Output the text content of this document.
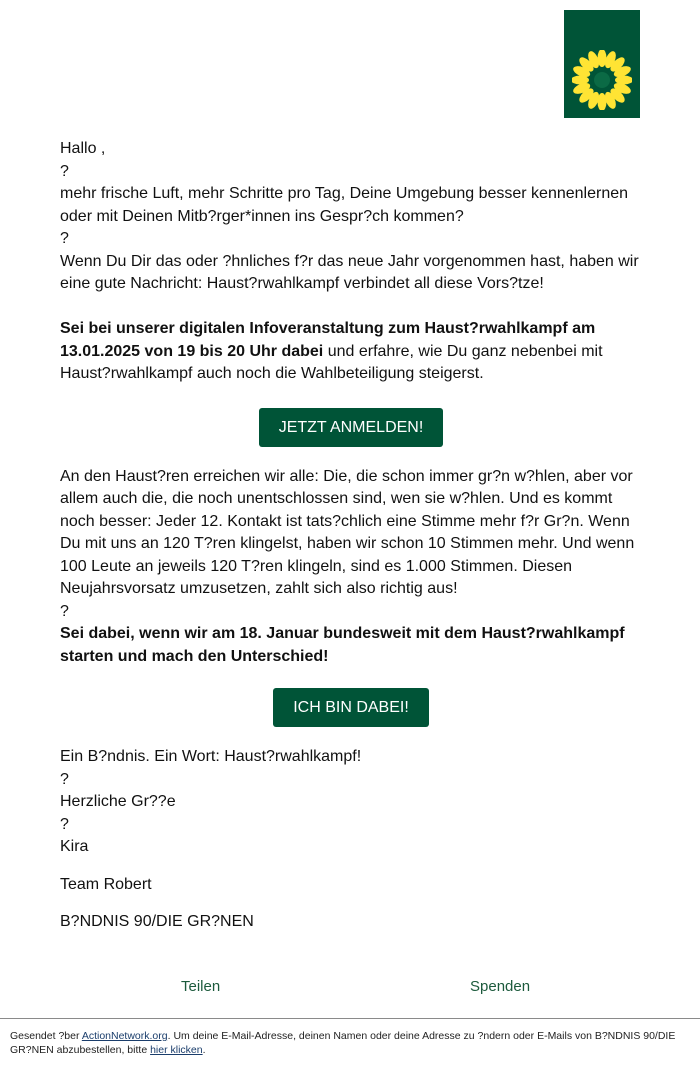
Hallo ,
?
mehr frische Luft, mehr Schritte pro Tag, Deine Umgebung besser kennenlernen
oder mit Deinen Mitb?rger*innen ins Gespr?ch kommen?
?
Wenn Du Dir das oder ?hnliches f?r das neue Jahr vorgenommen hast, haben wir
eine gute Nachricht: Haust?rwahlkampf verbindet all diese Vors?tze!
Sei bei unserer digitalen Infoveranstaltung zum Haust?rwahlkampf am
13.01.2025 von 19 bis 20 Uhr dabei und erfahre, wie Du ganz nebenbei mit
Haust?rwahlkampf auch noch die Wahlbeteiligung steigerst.
JETZT ANMELDEN!
An den Haust?ren erreichen wir alle: Die, die schon immer gr?n w?hlen, aber vor
allem auch die, die noch unentschlossen sind, wen sie w?hlen. Und es kommt
noch besser: Jeder 12. Kontakt ist tats?chlich eine Stimme mehr f?r Gr?n. Wenn
Du mit uns an 120 T?ren klingelst, haben wir schon 10 Stimmen mehr. Und wenn
100 Leute an jeweils 120 T?ren klingeln, sind es 1.000 Stimmen. Diesen
Neujahrsvorsatz umzusetzen, zahlt sich also richtig aus!
?
Sei dabei, wenn wir am 18. Januar bundesweit mit dem Haust?rwahlkampf
starten und mach den Unterschied!
ICH BIN DABEI!
Ein B?ndnis. Ein Wort: Haust?rwahlkampf!
?
Herzliche Gr??e
?
Kira
Team Robert
B?NDNIS 90/DIE GR?NEN
Teilen	Spenden
Gesendet ?ber ActionNetwork.org. Um deine E-Mail-Adresse, deinen Namen oder deine Adresse zu ?ndern oder E-Mails von B?NDNIS 90/DIE GR?NEN abzubestellen, bitte hier klicken.
